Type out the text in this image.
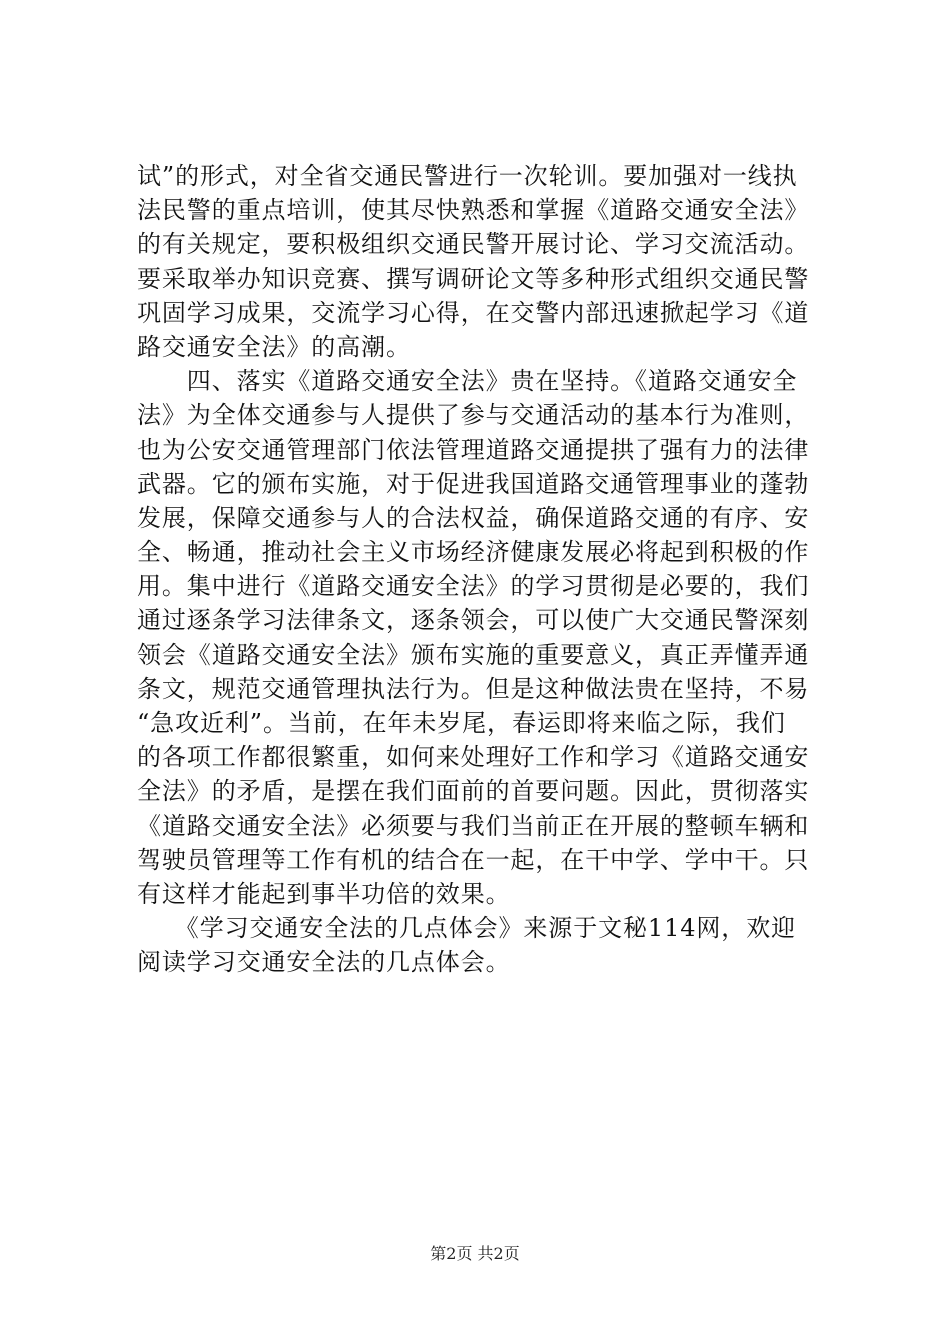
试”的形式，对全省交通民警进行一次轮训。要加强对一线执
法民警的重点培训，使其尽快熟悉和掌握《道路交通安全法》
的有关规定，要积极组织交通民警开展讨论、学习交流活动。
要采取举办知识竞赛、撰写调研论文等多种形式组织交通民警
巩固学习成果，交流学习心得，在交警内部迅速掀起学习《道
路交通安全法》的高潮。
　　四、落实《道路交通安全法》贵在坚持。《道路交通安全
法》为全体交通参与人提供了参与交通活动的基本行为准则，
也为公安交通管理部门依法管理道路交通提拱了强有力的法律
武器。它的颁布实施，对于促进我国道路交通管理事业的蓬勃
发展，保障交通参与人的合法权益，确保道路交通的有序、安
全、畅通，推动社会主义市场经济健康发展必将起到积极的作
用。集中进行《道路交通安全法》的学习贯彻是必要的，我们
通过逐条学习法律条文，逐条领会，可以使广大交通民警深刻
领会《道路交通安全法》颁布实施的重要意义，真正弄懂弄通
条文，规范交通管理执法行为。但是这种做法贵在坚持，不易
“急攻近利”。当前，在年未岁尾，春运即将来临之际，我们
的各项工作都很繁重，如何来处理好工作和学习《道路交通安
全法》的矛盾，是摆在我们面前的首要问题。因此，贯彻落实
《道路交通安全法》必须要与我们当前正在开展的整顿车辆和
驾驶员管理等工作有机的结合在一起，在干中学、学中干。只
有这样才能起到事半功倍的效果。
　　《学习交通安全法的几点体会》来源于文秘114网，欢迎
阅读学习交通安全法的几点体会。
第2页 共2页
